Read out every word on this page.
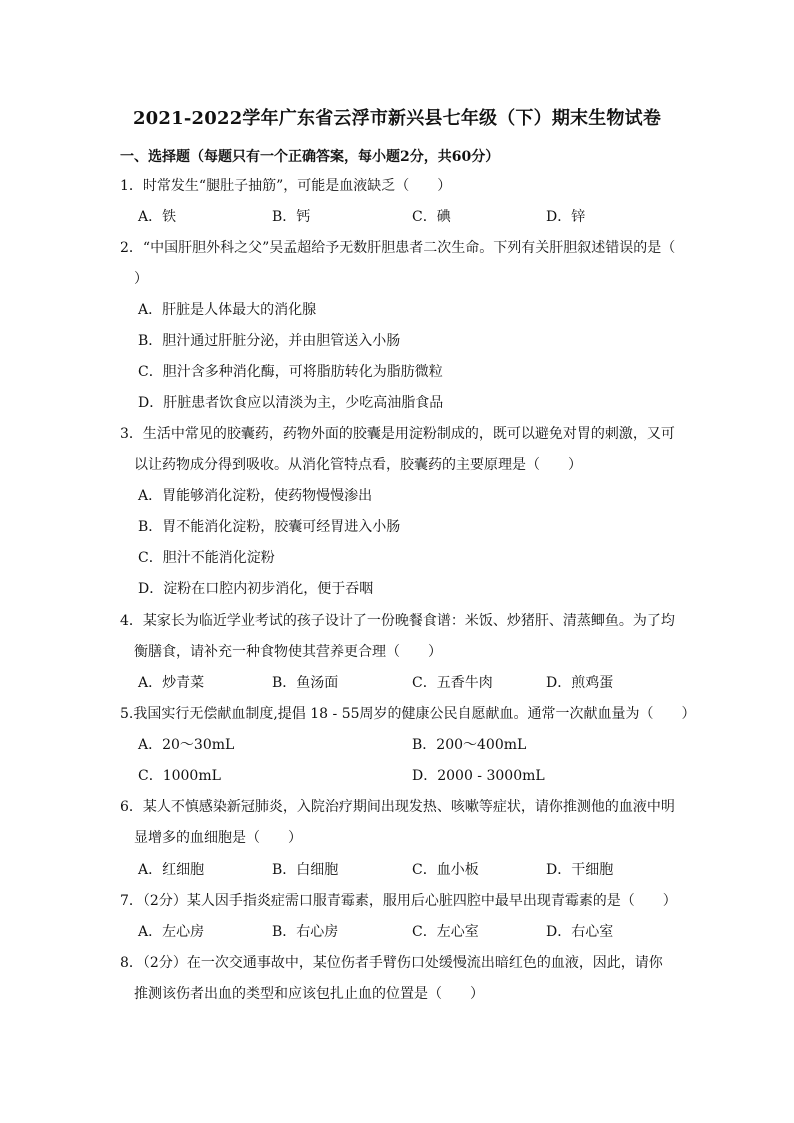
2021-2022学年广东省云浮市新兴县七年级（下）期末生物试卷
一、选择题（每题只有一个正确答案，每小题2分，共60分）
1．时常发生“腿肚子抽筋”，可能是血液缺乏（　　）
A．铁	B．钙	C．碘	D．锌
2．“中国肝胆外科之父”吴孟超给予无数肝胆患者二次生命。下列有关肝胆叙述错误的是（
）
A．肝脏是人体最大的消化腺
B．胆汁通过肝脏分泌，并由胆管送入小肠
C．胆汁含多种消化酶，可将脂肪转化为脂肪微粒
D．肝脏患者饮食应以清淡为主，少吃高油脂食品
3．生活中常见的胶囊药，药物外面的胶囊是用淀粉制成的，既可以避免对胃的刺激，又可
以让药物成分得到吸收。从消化管特点看，胶囊药的主要原理是（　　）
A．胃能够消化淀粉，使药物慢慢渗出
B．胃不能消化淀粉，胶囊可经胃进入小肠
C．胆汁不能消化淀粉
D．淀粉在口腔内初步消化，便于吞咽
4．某家长为临近学业考试的孩子设计了一份晚餐食谱：米饭、炒猪肝、清蒸鲫鱼。为了均
衡膳食，请补充一种食物使其营养更合理（　　）
A．炒青菜	B．鱼汤面	C．五香牛肉	D．煎鸡蛋
5.我国实行无偿献血制度,提倡 18 - 55周岁的健康公民自愿献血。通常一次献血量为（　　）
A．20～30mL	B．200～400mL
C．1000mL	D．2000 - 3000mL
6．某人不慎感染新冠肺炎，入院治疗期间出现发热、咳嗽等症状，请你推测他的血液中明
显增多的血细胞是（　　）
A．红细胞	B．白细胞	C．血小板	D．干细胞
7．（2分）某人因手指炎症需口服青霉素，服用后心脏四腔中最早出现青霉素的是（　　）
A．左心房	B．右心房	C．左心室	D．右心室
8．（2分）在一次交通事故中，某位伤者手臂伤口处缓慢流出暗红色的血液，因此，请你
推测该伤者出血的类型和应该包扎止血的位置是（　　）
